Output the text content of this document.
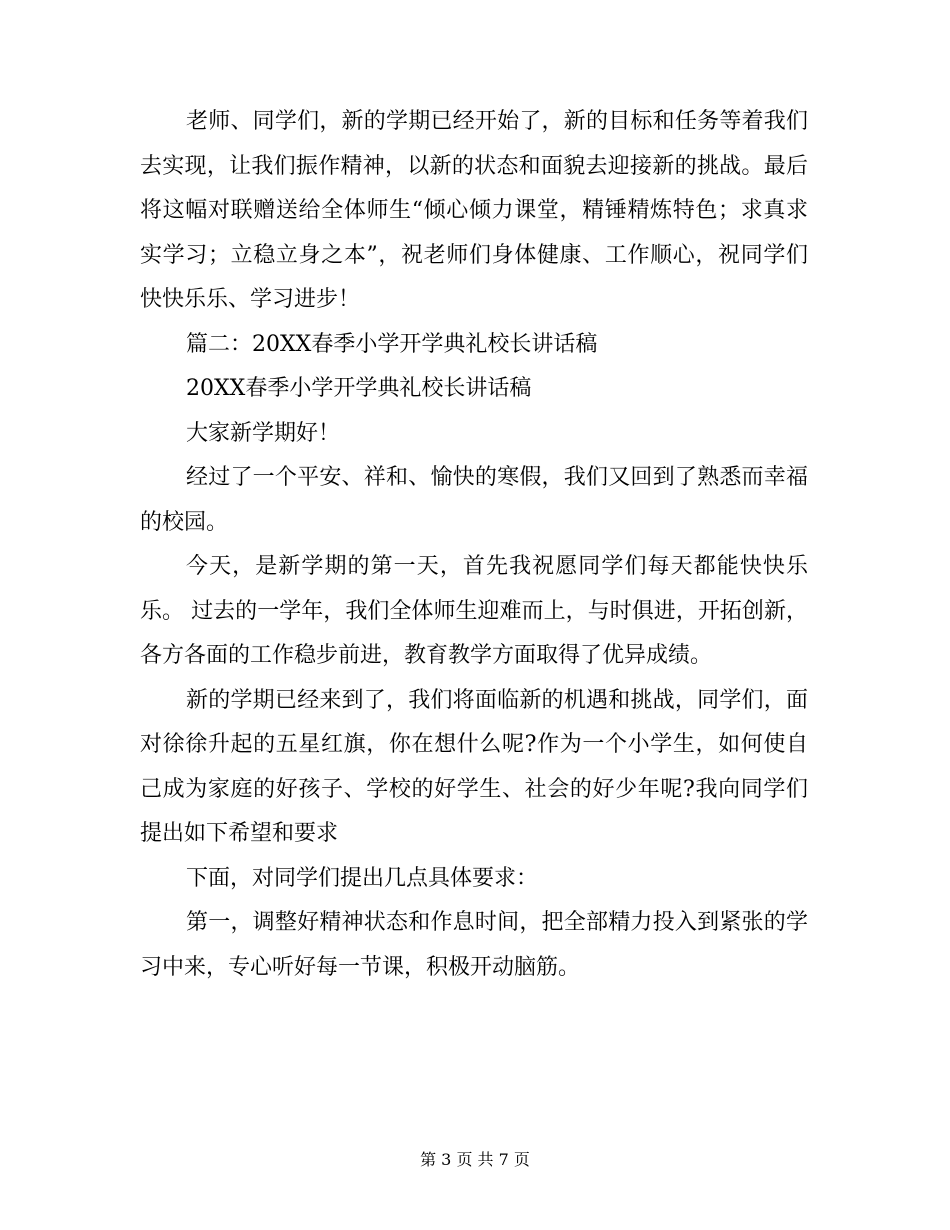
老师、同学们，新的学期已经开始了，新的目标和任务等着我们去实现，让我们振作精神，以新的状态和面貌去迎接新的挑战。最后将这幅对联赠送给全体师生“倾心倾力课堂，精锤精炼特色；求真求实学习；立稳立身之本”，祝老师们身体健康、工作顺心，祝同学们快快乐乐、学习进步！

篇二：20XX春季小学开学典礼校长讲话稿

20XX春季小学开学典礼校长讲话稿

大家新学期好！

经过了一个平安、祥和、愉快的寒假，我们又回到了熟悉而幸福的校园。

今天，是新学期的第一天，首先我祝愿同学们每天都能快快乐乐。 过去的一学年，我们全体师生迎难而上，与时俱进，开拓创新，各方各面的工作稳步前进，教育教学方面取得了优异成绩。

新的学期已经来到了，我们将面临新的机遇和挑战，同学们，面对徐徐升起的五星红旗，你在想什么呢?作为一个小学生，如何使自己成为家庭的好孩子、学校的好学生、社会的好少年呢?我向同学们提出如下希望和要求

下面，对同学们提出几点具体要求：

第一，调整好精神状态和作息时间，把全部精力投入到紧张的学习中来，专心听好每一节课，积极开动脑筋。

第 3 页 共 7 页
